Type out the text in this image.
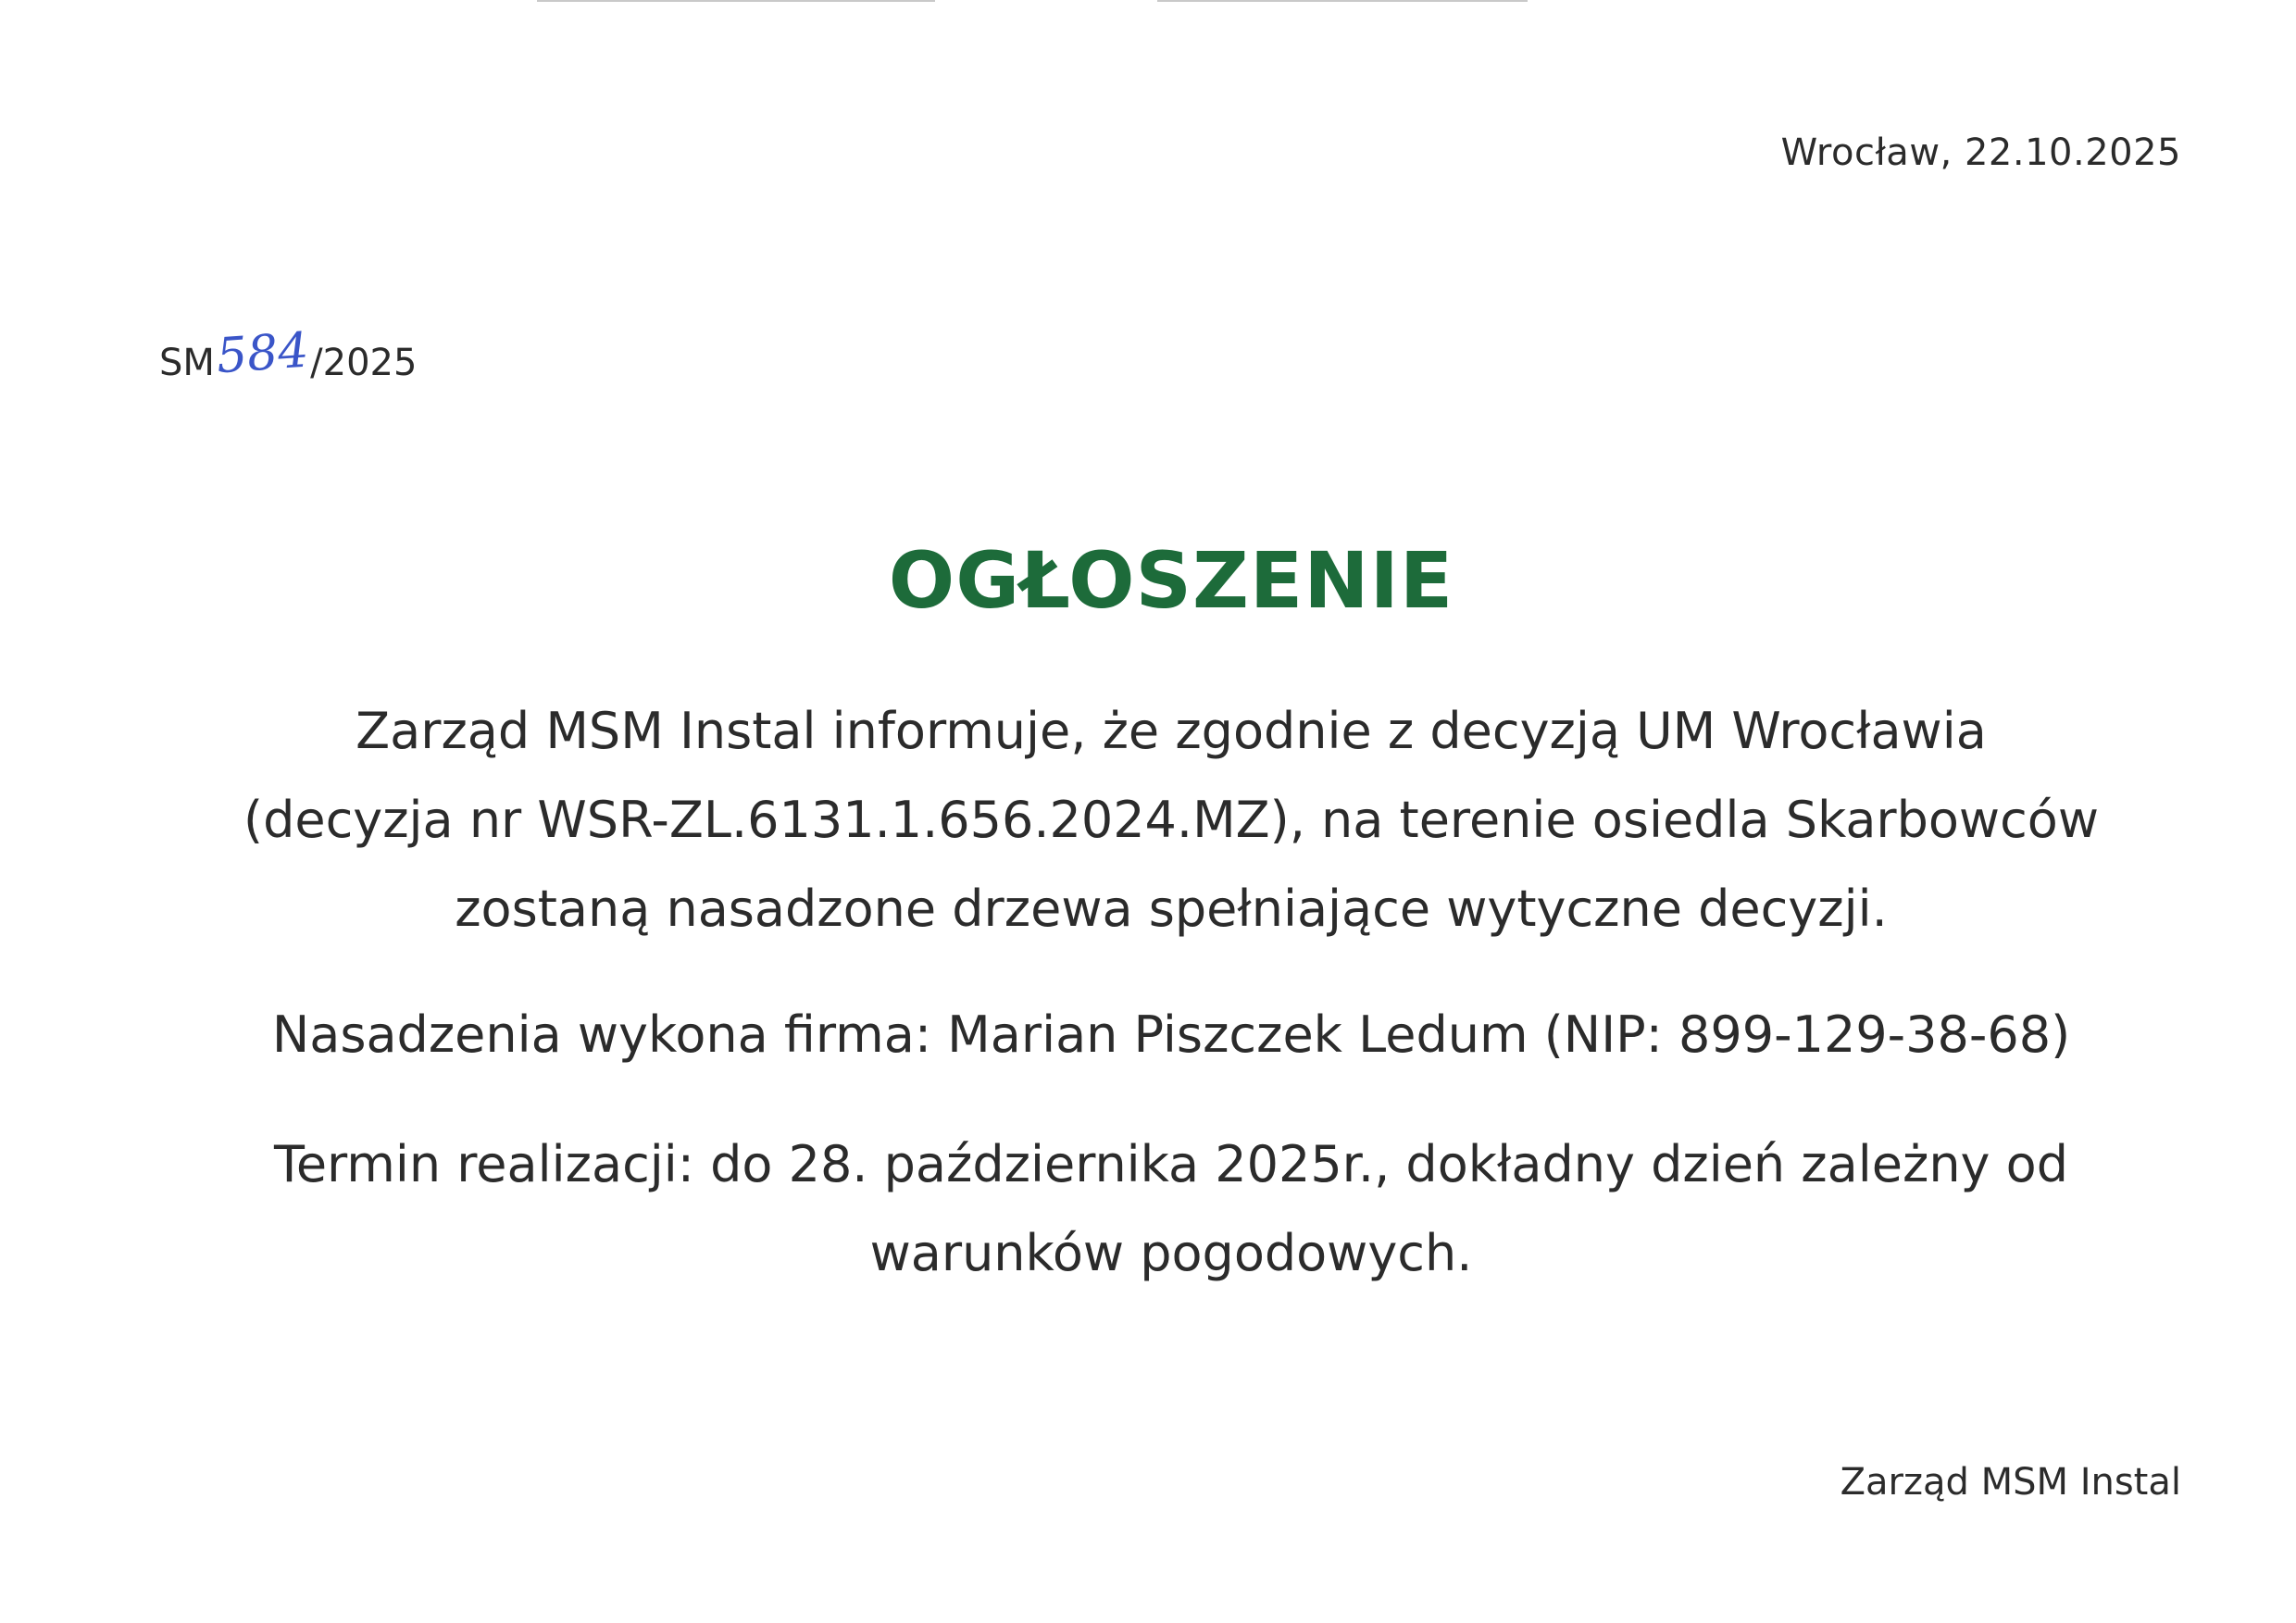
Wrocław, 22.10.2025
SM 584 /2025
OGŁOSZENIE
Zarząd MSM Instal informuje, że zgodnie z decyzją UM Wrocławia
(decyzja nr WSR-ZL.6131.1.656.2024.MZ), na terenie osiedla Skarbowców
zostaną nasadzone drzewa spełniające wytyczne decyzji.
Nasadzenia wykona firma: Marian Piszczek Ledum (NIP: 899-129-38-68)
Termin realizacji: do 28. października 2025r., dokładny dzień zależny od
warunków pogodowych.
Zarząd MSM Instal
